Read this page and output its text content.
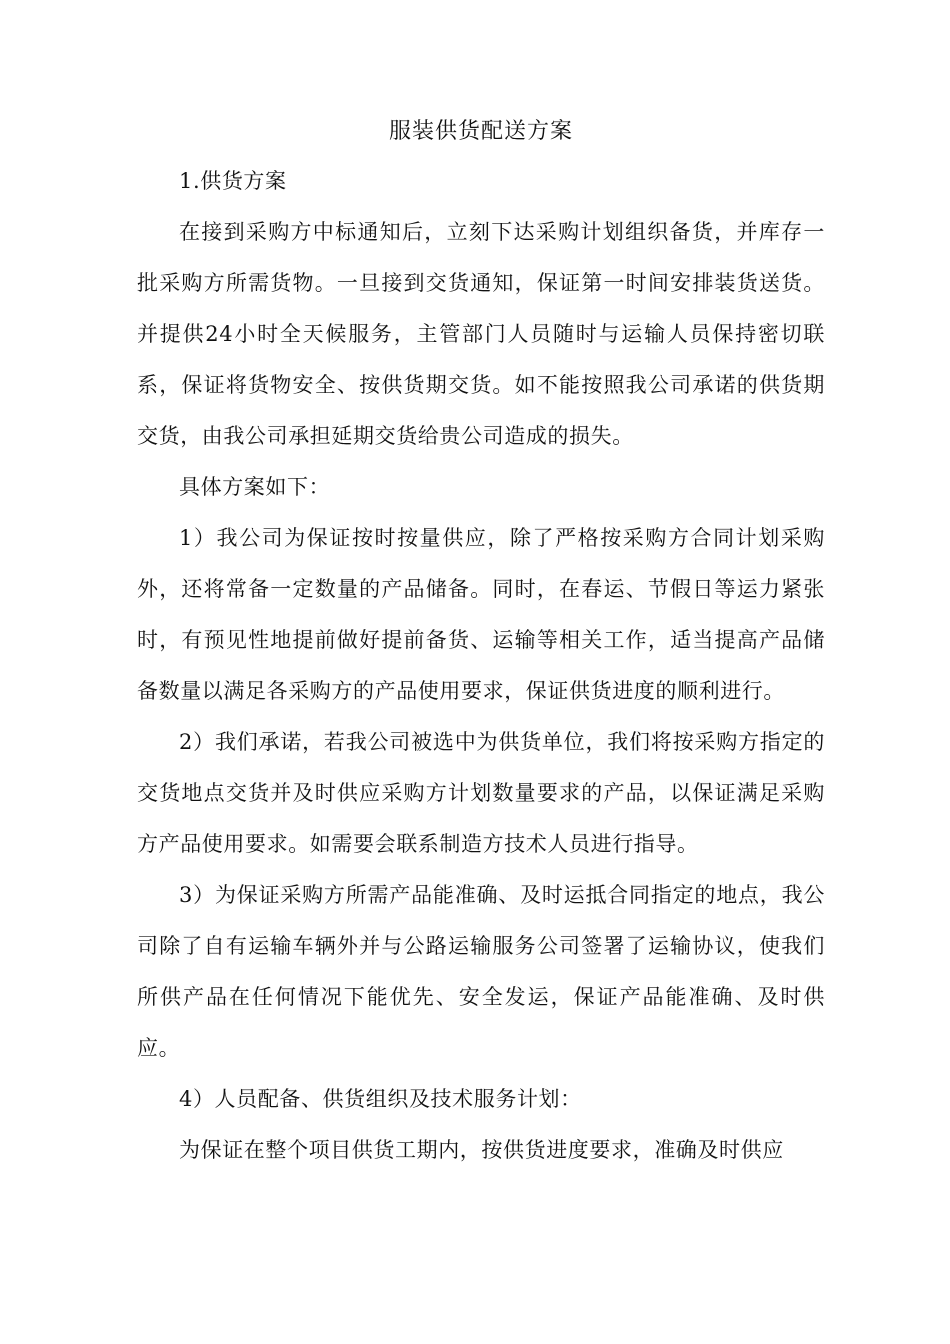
服装供货配送方案

1.供货方案

在接到采购方中标通知后，立刻下达采购计划组织备货，并库存一批采购方所需货物。一旦接到交货通知，保证第一时间安排装货送货。并提供24小时全天候服务，主管部门人员随时与运输人员保持密切联系，保证将货物安全、按供货期交货。如不能按照我公司承诺的供货期交货，由我公司承担延期交货给贵公司造成的损失。

具体方案如下：

1）我公司为保证按时按量供应，除了严格按采购方合同计划采购外，还将常备一定数量的产品储备。同时，在春运、节假日等运力紧张时，有预见性地提前做好提前备货、运输等相关工作，适当提高产品储备数量以满足各采购方的产品使用要求，保证供货进度的顺利进行。

2）我们承诺，若我公司被选中为供货单位，我们将按采购方指定的交货地点交货并及时供应采购方计划数量要求的产品，以保证满足采购方产品使用要求。如需要会联系制造方技术人员进行指导。

3）为保证采购方所需产品能准确、及时运抵合同指定的地点，我公司除了自有运输车辆外并与公路运输服务公司签署了运输协议，使我们所供产品在任何情况下能优先、安全发运，保证产品能准确、及时供应。

4）人员配备、供货组织及技术服务计划：

为保证在整个项目供货工期内，按供货进度要求，准确及时供应
